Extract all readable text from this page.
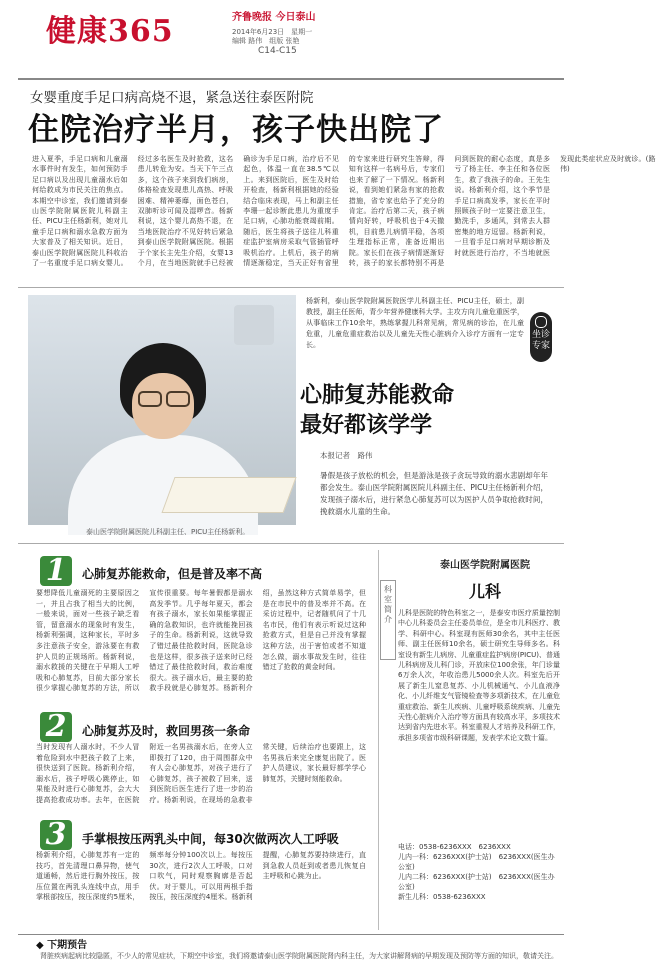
健康365	齐鲁晚报 今日泰山
2014年6月23日　星期一
编辑 路伟　组版 张艳
C14-C15
女婴重度手足口病高烧不退，紧急送往泰医附院
住院治疗半月，孩子快出院了
进入夏季，手足口病和儿童溺水事件时有发生，如何预防手足口病以及出现儿童溺水后如何给救成为市民关注的焦点。本期空中诊室，我们邀请到泰山医学院附属医院儿科副主任、PICU主任杨新利，她对儿童手足口病和溺水急救方面为大家普及了相关知识。近日，泰山医学院附属医院儿科收治了一名重度手足口病女婴儿。经过多名医生及时抢救，这名患儿转危为安。当天下午三点多，这个孩子来到我们病房，体格检查发现患儿高热、呼吸困难、精神萎靡，面色苍白，双肺听诊可闻及湿啰音。杨新利说，这个婴儿高热不退，在当地医院治疗不见好转后紧急到泰山医学院附属医院。根据于个家长主先生介绍，女婴13个月，在当地医院就手已经被确诊为手足口病，治疗后不见起色，体温一直在38.5℃以上。来到医院后，医生及时给开检查，杨新利根据她的经验结合临床表现，马上和副主任李珊一起诊断此患儿为重度手足口病，心肺功能衰竭前期。随后，医生将孩子送往儿科重症监护室病房采取气管插管呼吸机治疗。上机后，孩子的病情逐渐稳定，当天正好有省里的专家来进行研究生答辩，得知有这样一名病号后，专家们也来了解了一下情况。杨新利说，看到她们紧急有家的抢救措施，省专家也给予了充分的肯定。治疗后第二天，孩子病情向好转，呼吸机也于4天撤机，目前患儿病情平稳，各项生理指标正常，准备近期出院。家长们在孩子病情逐渐好转，孩子的家长都特别不再是问到医院的耐心态度，真是多亏了杨主任、李主任和各位医生，救了我孩子的命。王先生说。杨新利介绍，这个季节是手足口病高发季，家长在平时照顾孩子时一定要注意卫生，勤洗手，多通风，到常去人群密集的地方逗留。杨新利说，一旦看手足口病对早期诊断及时就医进行治疗，不当地就医发现此类症状应及时就诊。(路伟)
泰山医学院附属医院儿科副主任、PICU主任杨新利。
杨新利，泰山医学院附属医院医学儿科副主任、PICU主任，硕士，副教授，副主任医师，青少年营养健康科大学。主攻方向儿童危重医学，从事临床工作10余年，熟练掌握儿科常见病，常见病的诊治，在儿童危重，儿童危重症救治以及儿童先天性心脏病介入诊疗方面有一定专长。
坐诊
专家
心肺复苏能救命
最好都该学学
本报记者　路伟
暑假是孩子放松的机会，但是游泳是孩子贪玩导致的溺水悲剧却年年都会发生。泰山医学院附属医院儿科副主任、PICU主任杨新利介绍，发现孩子溺水后，进行紧急心肺复苏可以为医护人员争取抢救时间，挽救溺水儿童的生命。
1	心肺复苏能救命，但是普及率不高
要想降低儿童溺死的主要原因之一，并且占我了相当大的比例，一般来说，面对一些孩子缺乏看管，留意溺水的现象时有发生，杨新利强调，这种家长，平时多多注意孩子安全，游泳要在有救护人员的正规场所。杨新利说，溺水救援的关键在于早期人工呼吸和心肺复苏，目前大部分家长很少掌握心肺复苏的方法，所以宣传很重要。每年暑假都是溺水高发季节。几乎每年夏天，都会有孩子溺水，家长如果能掌握正确的急救知识，也许就能挽回孩子的生命。杨新利说，这就导致了错过最佳抢救时间，医院急诊也是这样，很多孩子送来时已经错过了最佳抢救时间，救治难度很大。孩子溺水后，最主要的抢救手段就是心肺复苏。杨新利介绍，虽然这种方式简单易学，但是在市民中的普及率并不高。在采访过程中，记者随机问了十几名市民，他们有表示听说过这种抢救方式，但是自己并没有掌握这种方法，出于害怕或者不知道怎么做，溺水事故发生时，往往错过了抢救的黄金时间。
2	心肺复苏及时，救回男孩一条命
当时发现有人溺水时，不少人冒着危险到水中把孩子救了上来，很快送到了医院。杨新利介绍，溺水后，孩子呼吸心跳停止，如果能及时进行心肺复苏，会大大提高抢救成功率。去年，在医院附近一名男孩溺水后，在旁人立即拨打了120，由于周围群众中有人会心肺复苏，对孩子进行了心肺复苏，孩子被救了回来，送到医院后医生进行了进一步的治疗。杨新利说，在现场的急救非常关键，后续治疗也要跟上，这名男孩后来完全康复出院了。医护人员建议，家长最好都学学心肺复苏，关键时刻能救命。
3	手掌根按压两乳头中间，每30次做两次人工呼吸
杨新利介绍，心肺复苏有一定的技巧，首先清理口鼻异物，使气道通畅，然后进行胸外按压，按压位置在两乳头连线中点，用手掌根部按压，按压深度约5厘米，频率每分钟100次以上。每按压30次，进行2次人工呼吸，口对口吹气，同时观察胸廓是否起伏。对于婴儿，可以用两根手指按压，按压深度约4厘米。杨新利提醒，心肺复苏要持续进行，直到急救人员赶到或者患儿恢复自主呼吸和心跳为止。
科室简介
泰山医学院附属医院
儿科
儿科是医院的特色科室之一，是泰安市医疗质量控制中心儿科委员会主任委员单位，是全市儿科医疗、教学、科研中心。科室现有医师30余名，其中主任医师、副主任医师10余名，硕士研究生导师多名。科室设有新生儿病房、儿童重症监护病房(PICU)、普通儿科病房及儿科门诊，开放床位100余张，年门诊量6万余人次，年收治患儿5000余人次。科室先后开展了新生儿窒息复苏、小儿机械通气、小儿血液净化、小儿纤维支气管镜检查等多项新技术，在儿童危重症救治、新生儿疾病、儿童呼吸系统疾病、儿童先天性心脏病介入治疗等方面具有较高水平，多项技术达到省内先进水平。科室重视人才培养及科研工作，承担多项省市级科研课题，发表学术论文数十篇。
电话：0538-6236XXX　6236XXX
儿内一科：6236XXX(护士站)　6236XXX(医生办公室)
儿内二科：6236XXX(护士站)　6236XXX(医生办公室)
新生儿科：0538-6236XXX
◆ 下期预告
肾脏疾病起病比较隐匿，不少人的常见症状，下期空中诊室，我们将邀请泰山医学院附属医院肾内科主任，为大家讲解肾病的早期发现及预防等方面的知识，敬请关注。
